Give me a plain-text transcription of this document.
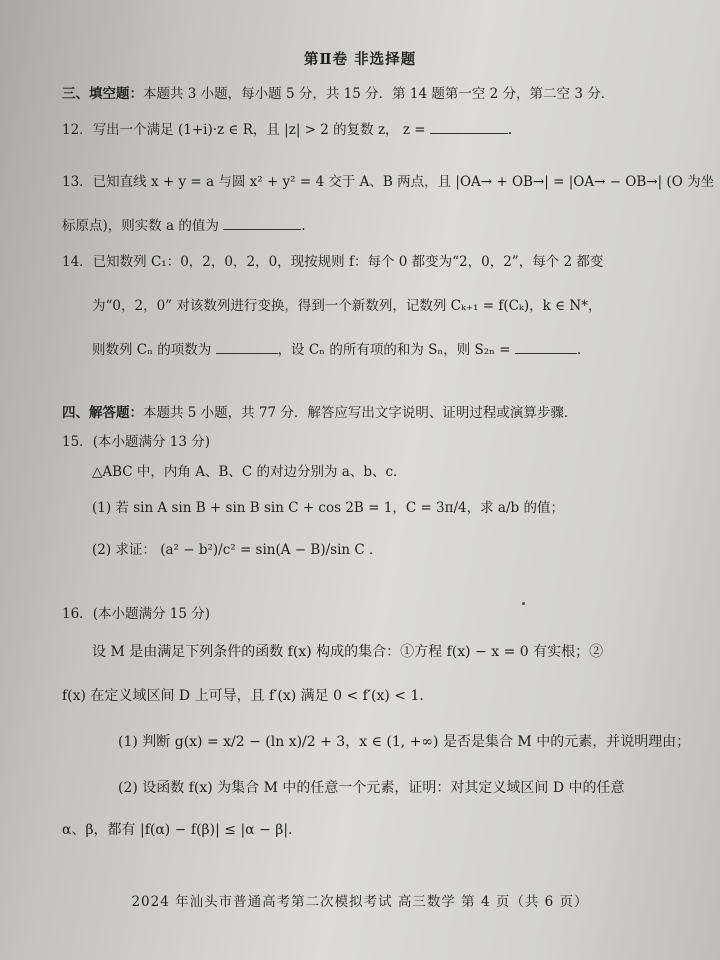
第Ⅱ卷 非选择题
三、填空题：本题共 3 小题，每小题 5 分，共 15 分．第 14 题第一空 2 分，第二空 3 分．
12．写出一个满足 (1+i)·z ∈ R，且 |z| > 2 的复数 z， z =	.
13．已知直线 x + y = a 与圆 x² + y² = 4 交于 A、B 两点，且 |OA→ + OB→| = |OA→ − OB→| (O 为坐
标原点)，则实数 a 的值为	.
14．已知数列 C₁：0，2，0，2，0，现按规则 f：每个 0 都变为“2，0，2”，每个 2 都变
为“0，2，0” 对该数列进行变换，得到一个新数列，记数列 Cₖ₊₁ = f(Cₖ)，k ∈ N*，
则数列 Cₙ 的项数为	，设 Cₙ 的所有项的和为 Sₙ，则 S₂ₙ =	.
四、解答题：本题共 5 小题，共 77 分．解答应写出文字说明、证明过程或演算步骤．
15．(本小题满分 13 分)
△ABC 中，内角 A、B、C 的对边分别为 a、b、c．
(1) 若 sin A sin B + sin B sin C + cos 2B = 1，C = 3π/4，求 a/b 的值；
(2) 求证： (a² − b²)/c² = sin(A − B)/sin C ．
16．(本小题满分 15 分)
设 M 是由满足下列条件的函数 f(x) 构成的集合：①方程 f(x) − x = 0 有实根；②
f(x) 在定义域区间 D 上可导，且 f′(x) 满足 0 < f′(x) < 1．
(1) 判断 g(x) = x/2 − (ln x)/2 + 3，x ∈ (1, +∞) 是否是集合 M 中的元素，并说明理由；
(2) 设函数 f(x) 为集合 M 中的任意一个元素，证明：对其定义域区间 D 中的任意
α、β，都有 |f(α) − f(β)| ≤ |α − β|．
2024 年汕头市普通高考第二次模拟考试 高三数学 第 4 页（共 6 页）
